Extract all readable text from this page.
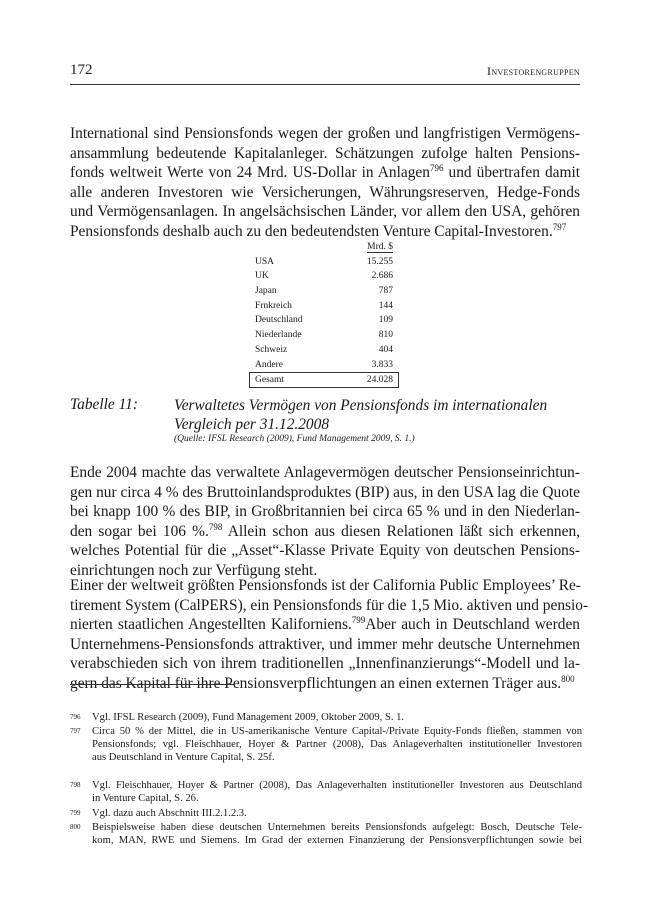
172	Investorengruppen
International sind Pensionsfonds wegen der großen und langfristigen Vermögens-
ansammlung bedeutende Kapitalanleger. Schätzungen zufolge halten Pensions-
fonds weltweit Werte von 24 Mrd. US-Dollar in Anlagen$^{796}$ und übertrafen damit
alle anderen Investoren wie Versicherungen, Währungsreserven, Hedge-Fonds
und Vermögensanlagen. In angelsächsischen Länder, vor allem den USA, gehören
Pensionsfonds deshalb auch zu den bedeutendsten Venture Capital-Investoren.$^{797}$
Mrd. $
USA	15.255
UK	2.686
Japan	787
Frnkreich	144
Deutschland	109
Niederlande	810
Schweiz	404
Andere	3.833
Gesamt	24.028
Tabelle 11: Verwaltetes Vermögen von Pensionsfonds im internationalen
Vergleich per 31.12.2008
(Quelle: IFSL Research (2009), Fund Management 2009, S. 1.)
Ende 2004 machte das verwaltete Anlagevermögen deutscher Pensionseinrichtun-
gen nur circa 4 % des Bruttoinlandsproduktes (BIP) aus, in den USA lag die Quote
bei knapp 100 % des BIP, in Großbritannien bei circa 65 % und in den Niederlan-
den sogar bei 106 %.$^{798}$ Allein schon aus diesen Relationen läßt sich erkennen,
welches Potential für die „Asset“-Klasse Private Equity von deutschen Pensions-
einrichtungen noch zur Verfügung steht.
Einer der weltweit größten Pensionsfonds ist der California Public Employees’ Re-
tirement System (CalPERS), ein Pensionsfonds für die 1,5 Mio. aktiven und pensio-
nierten staatlichen Angestellten Kaliforniens.$^{799}$Aber auch in Deutschland werden
Unternehmens-Pensionsfonds attraktiver, und immer mehr deutsche Unternehmen
verabschieden sich von ihrem traditionellen „Innenfinanzierungs“-Modell und la-
gern das Kapital für ihre Pensionsverpflichtungen an einen externen Träger aus.$^{800}$
796 Vgl. IFSL Research (2009), Fund Management 2009, Oktober 2009, S. 1.
797 Circa 50 % der Mittel, die in US-amerikanische Venture Capital-/Private Equity-Fonds fließen, stammen von
Pensionsfonds; vgl. Fleischhauer, Hoyer & Partner (2008), Das Anlageverhalten institutioneller Investoren
aus Deutschland in Venture Capital, S. 25f.
798 Vgl. Fleischhauer, Hoyer & Partner (2008), Das Anlageverhalten institutioneller Investoren aus Deutschland
in Venture Capital, S. 26.
799 Vgl. dazu auch Abschnitt III.2.1.2.3.
800 Beispielsweise haben diese deutschen Unternehmen bereits Pensionsfonds aufgelegt: Bosch, Deutsche Tele-
kom, MAN, RWE und Siemens. Im Grad der externen Finanzierung der Pensionsverpflichtungen sowie bei
